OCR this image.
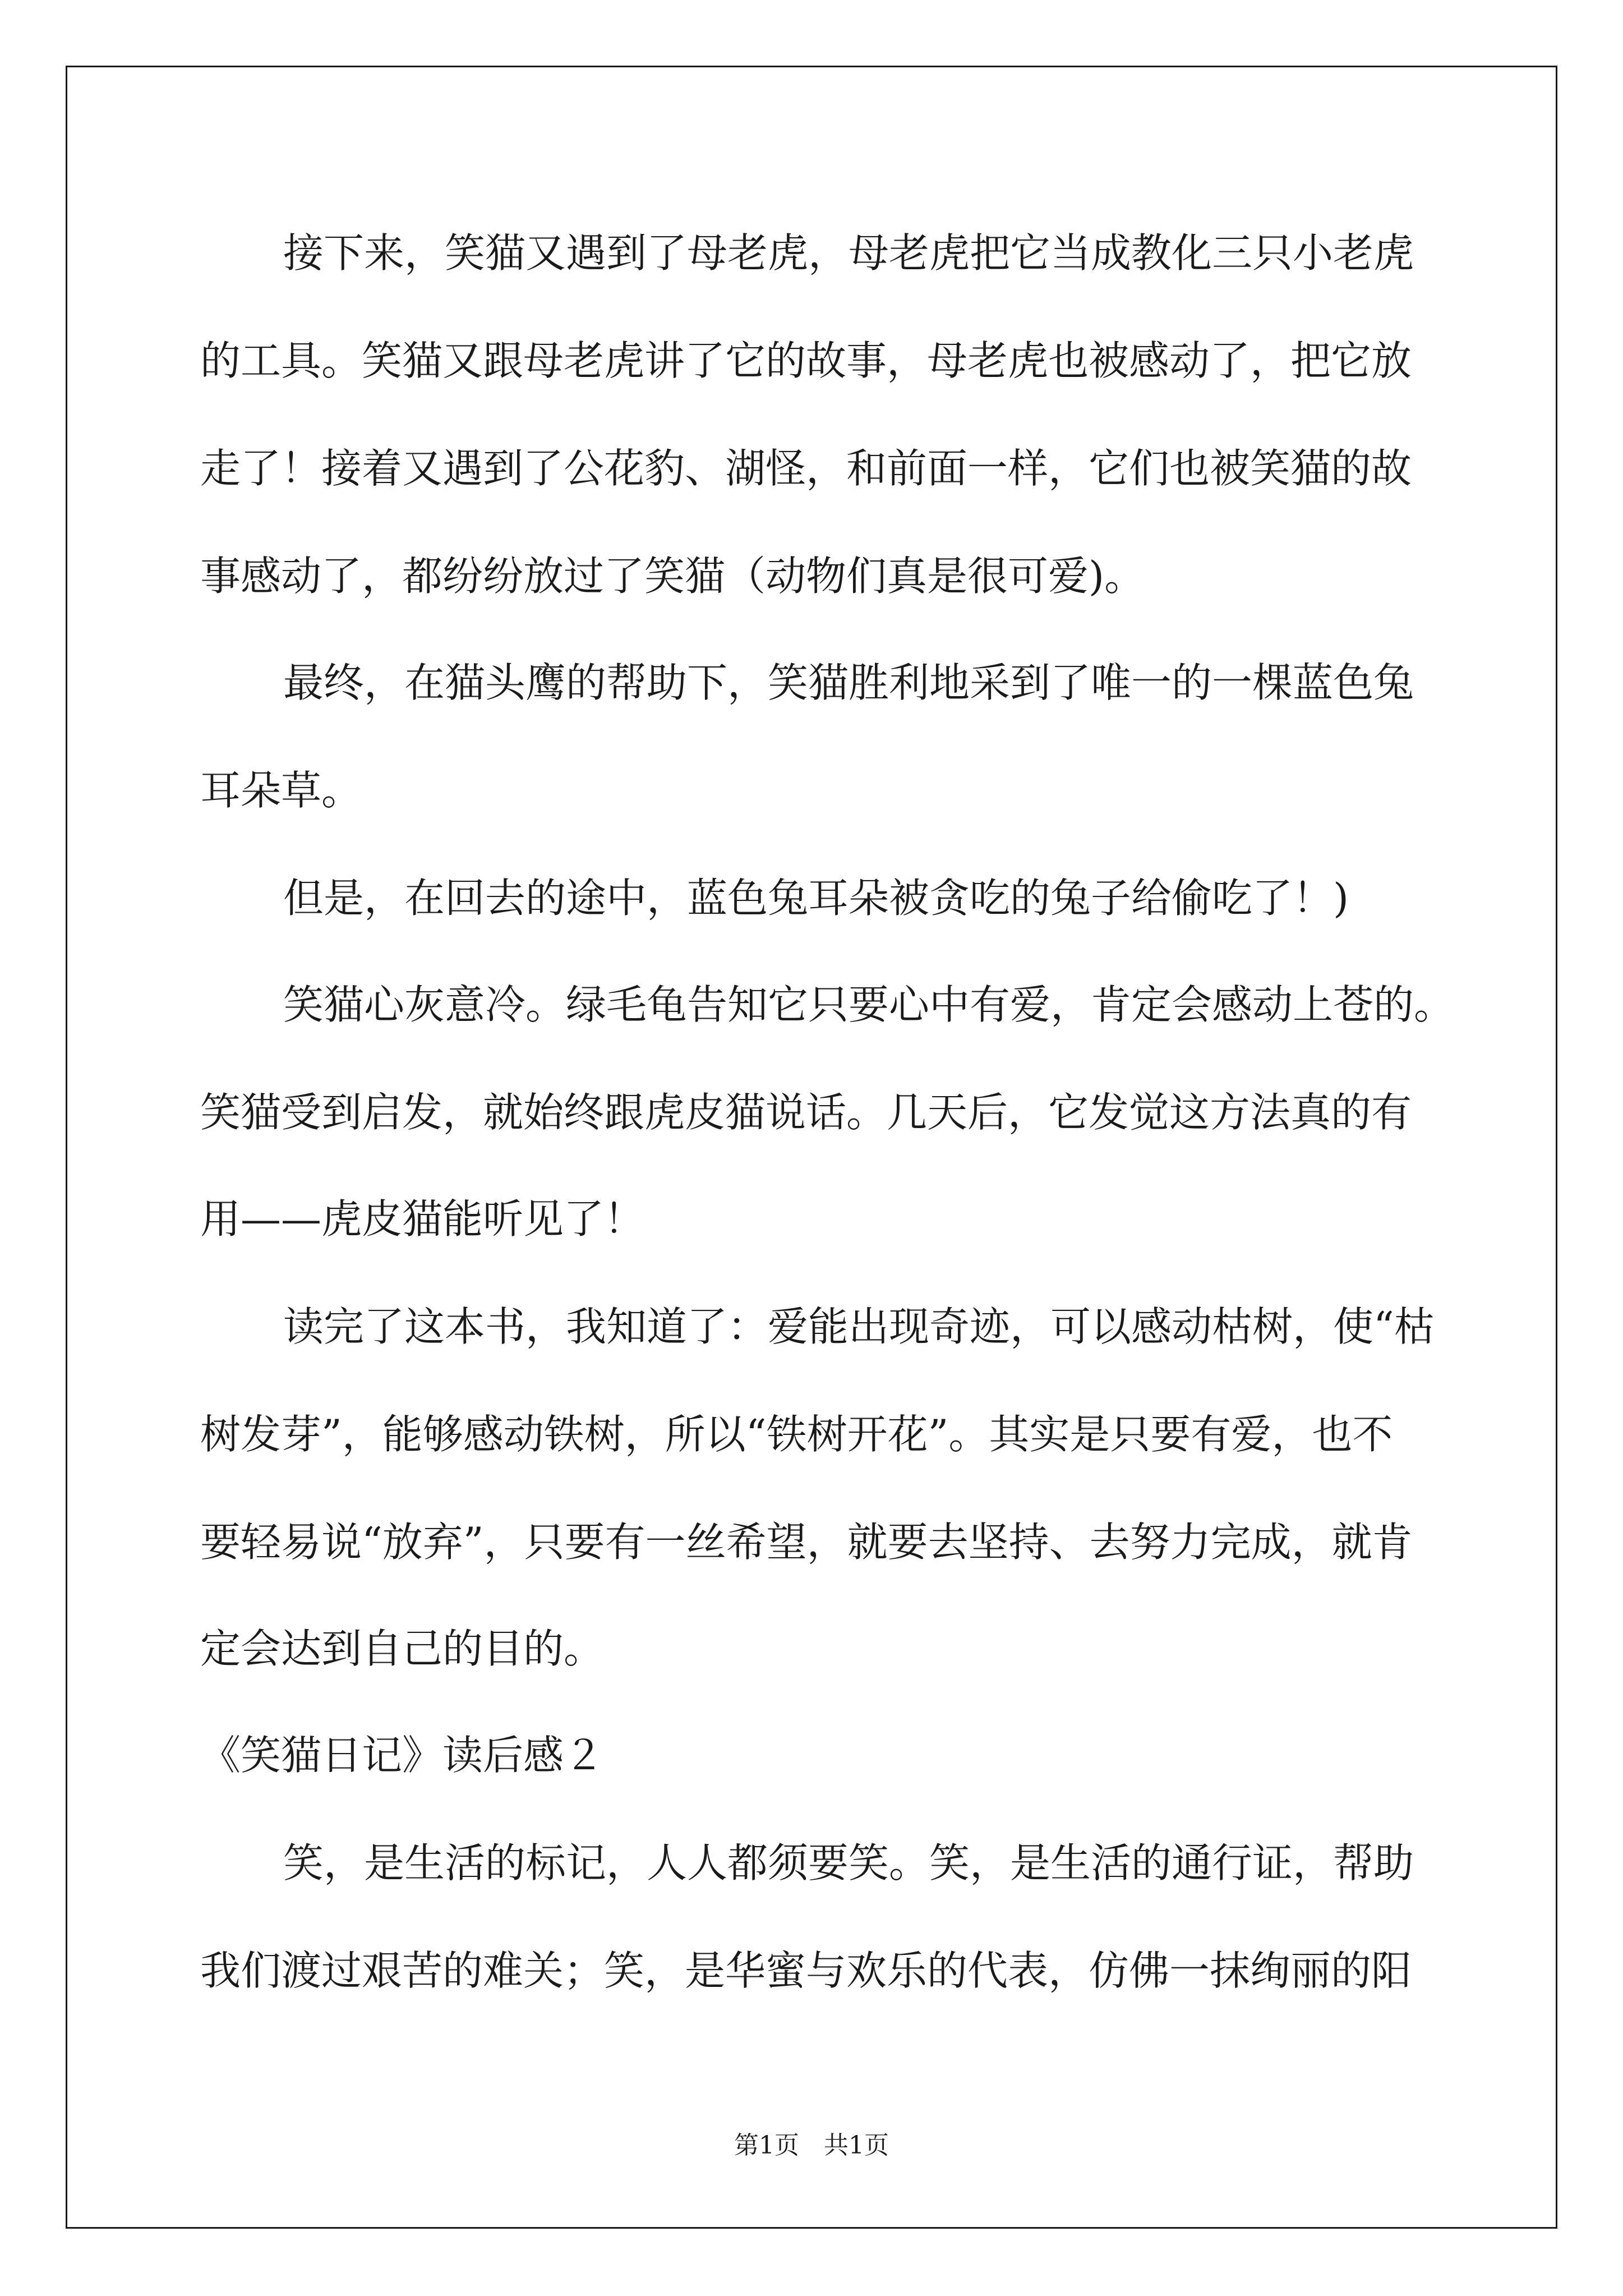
接下来，笑猫又遇到了母老虎，母老虎把它当成教化三只小老虎

的工具。笑猫又跟母老虎讲了它的故事，母老虎也被感动了，把它放

走了！接着又遇到了公花豹、湖怪，和前面一样，它们也被笑猫的故

事感动了，都纷纷放过了笑猫（动物们真是很可爱)。

最终，在猫头鹰的帮助下，笑猫胜利地采到了唯一的一棵蓝色兔

耳朵草。

但是，在回去的途中，蓝色兔耳朵被贪吃的兔子给偷吃了！)

笑猫心灰意冷。绿毛龟告知它只要心中有爱，肯定会感动上苍的。

笑猫受到启发，就始终跟虎皮猫说话。几天后，它发觉这方法真的有

用——虎皮猫能听见了！

读完了这本书，我知道了：爱能出现奇迹，可以感动枯树，使“枯

树发芽”，能够感动铁树，所以“铁树开花”。其实是只要有爱，也不

要轻易说“放弃”，只要有一丝希望，就要去坚持、去努力完成，就肯

定会达到自己的目的。

《笑猫日记》读后感２

笑，是生活的标记，人人都须要笑。笑，是生活的通行证，帮助

我们渡过艰苦的难关；笑，是华蜜与欢乐的代表，仿佛一抹绚丽的阳

第1页　共1页
